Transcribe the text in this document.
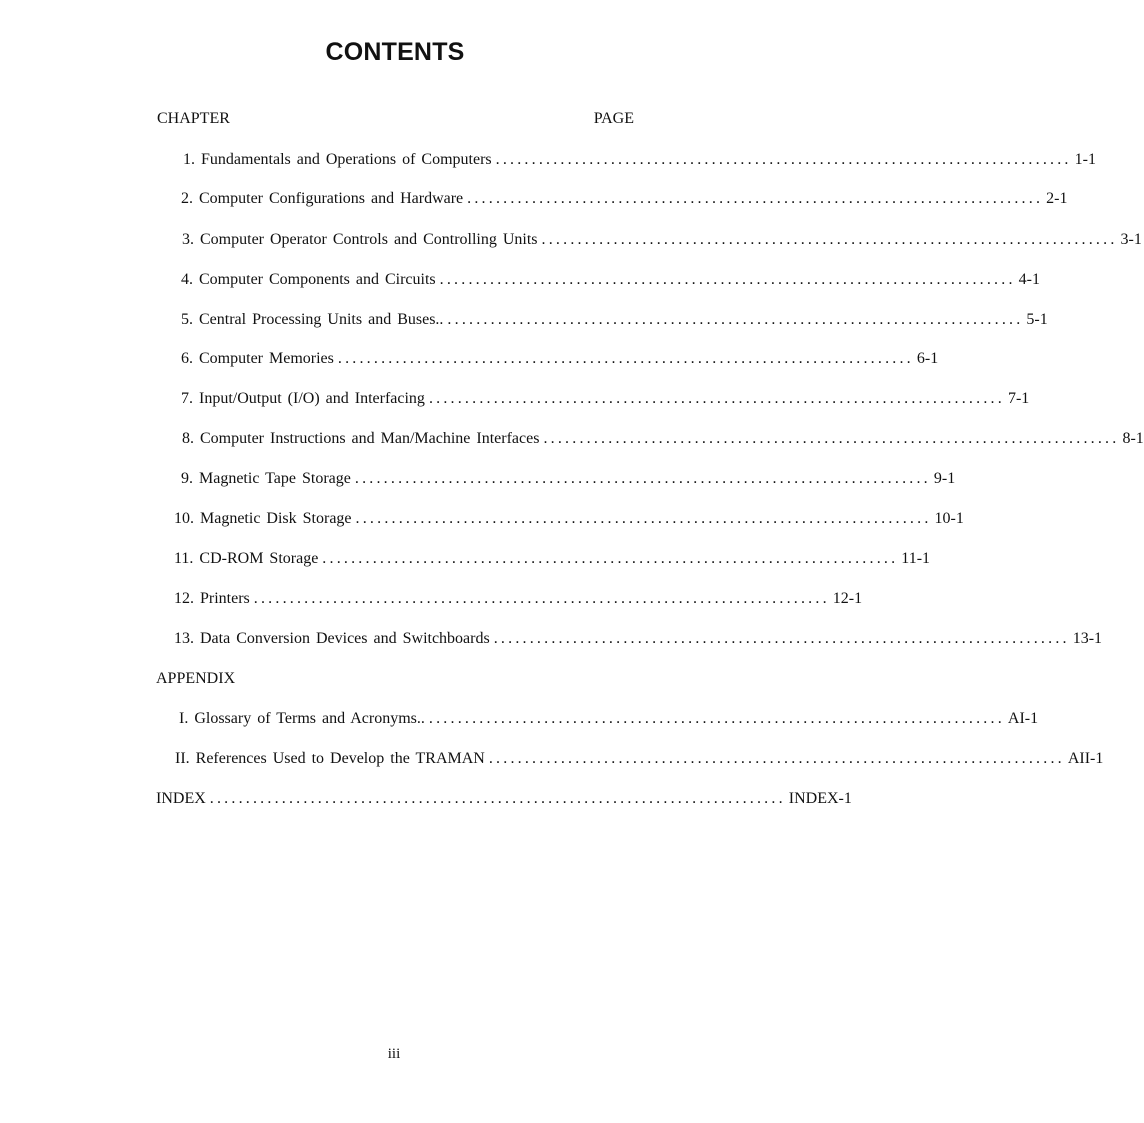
CONTENTS
CHAPTER	PAGE
1. Fundamentals and Operations of Computers ................................................................................ 1-1
2. Computer Configurations and Hardware ................................................................................ 2-1
3. Computer Operator Controls and Controlling Units ................................................................................ 3-1
4. Computer Components and Circuits ................................................................................ 4-1
5. Central Processing Units and Buses.. ................................................................................ 5-1
6. Computer Memories ................................................................................ 6-1
7. Input/Output (I/O) and Interfacing ................................................................................ 7-1
8. Computer Instructions and Man/Machine Interfaces ................................................................................ 8-1
9. Magnetic Tape Storage ................................................................................ 9-1
10. Magnetic Disk Storage ................................................................................ 10-1
11. CD-ROM Storage ................................................................................ 11-1
12. Printers ................................................................................ 12-1
13. Data Conversion Devices and Switchboards ................................................................................ 13-1
APPENDIX
I. Glossary of Terms and Acronyms.. ................................................................................ AI-1
II. References Used to Develop the TRAMAN ................................................................................ AII-1
INDEX ................................................................................ INDEX-1
iii
